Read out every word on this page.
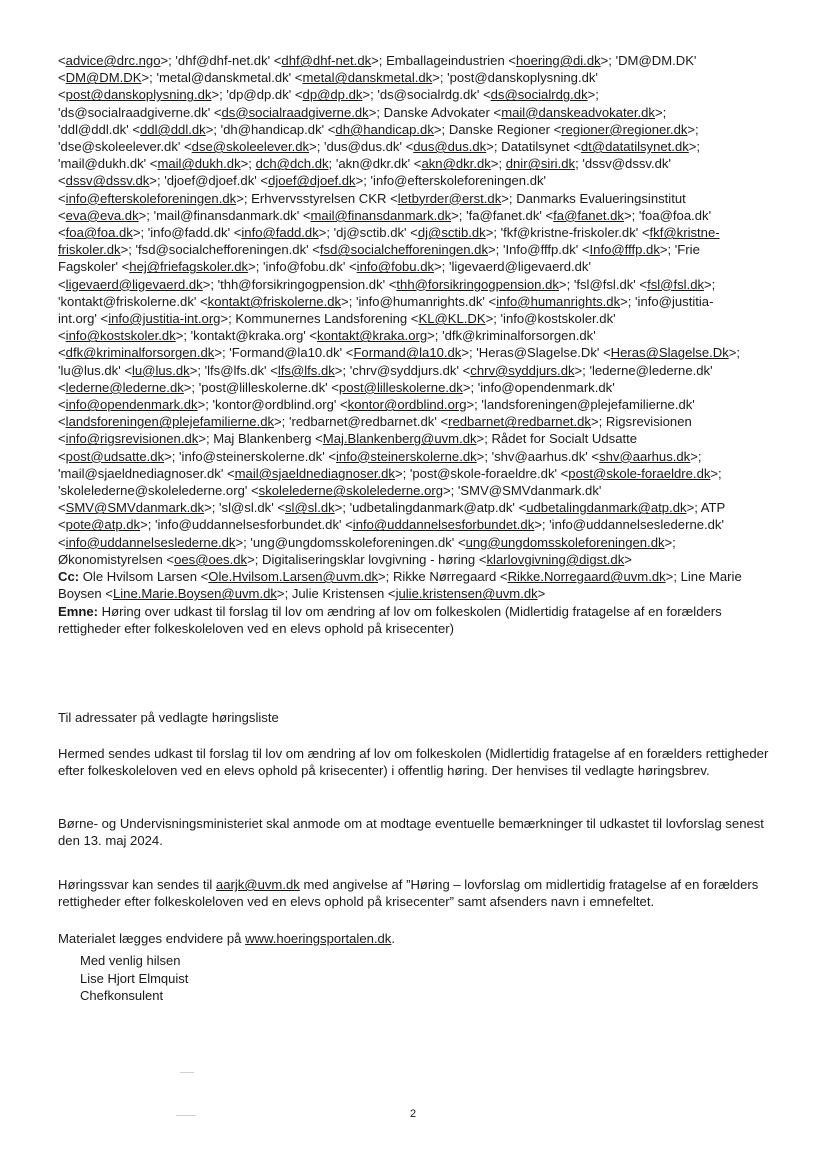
<advice@drc.ngo>; 'dhf@dhf-net.dk' <dhf@dhf-net.dk>; Emballageindustrien <hoering@di.dk>; 'DM@DM.DK'
<DM@DM.DK>; 'metal@danskmetal.dk' <metal@danskmetal.dk>; 'post@danskoplysning.dk'
<post@danskoplysning.dk>; 'dp@dp.dk' <dp@dp.dk>; 'ds@socialrdg.dk' <ds@socialrdg.dk>;
'ds@socialraadgiverne.dk' <ds@socialraadgiverne.dk>; Danske Advokater <mail@danskeadvokater.dk>;
'ddl@ddl.dk' <ddl@ddl.dk>; 'dh@handicap.dk' <dh@handicap.dk>; Danske Regioner <regioner@regioner.dk>;
'dse@skoleelever.dk' <dse@skoleelever.dk>; 'dus@dus.dk' <dus@dus.dk>; Datatilsynet <dt@datatilsynet.dk>;
'mail@dukh.dk' <mail@dukh.dk>; dch@dch.dk; 'akn@dkr.dk' <akn@dkr.dk>; dnir@siri.dk; 'dssv@dssv.dk'
<dssv@dssv.dk>; 'djoef@djoef.dk' <djoef@djoef.dk>; 'info@efterskoleforeningen.dk'
<info@efterskoleforeningen.dk>; Erhvervsstyrelsen CKR <letbyrder@erst.dk>; Danmarks Evalueringsinstitut
<eva@eva.dk>; 'mail@finansdanmark.dk' <mail@finansdanmark.dk>; 'fa@fanet.dk' <fa@fanet.dk>; 'foa@foa.dk'
<foa@foa.dk>; 'info@fadd.dk' <info@fadd.dk>; 'dj@sctib.dk' <dj@sctib.dk>; 'fkf@kristne-friskoler.dk' <fkf@kristne-
friskoler.dk>; 'fsd@socialchefforeningen.dk' <fsd@socialchefforeningen.dk>; 'Info@fffp.dk' <Info@fffp.dk>; 'Frie
Fagskoler' <hej@friefagskoler.dk>; 'info@fobu.dk' <info@fobu.dk>; 'ligevaerd@ligevaerd.dk'
<ligevaerd@ligevaerd.dk>; 'thh@forsikringogpension.dk' <thh@forsikringogpension.dk>; 'fsl@fsl.dk' <fsl@fsl.dk>;
'kontakt@friskolerne.dk' <kontakt@friskolerne.dk>; 'info@humanrights.dk' <info@humanrights.dk>; 'info@justitia-
int.org' <info@justitia-int.org>; Kommunernes Landsforening <KL@KL.DK>; 'info@kostskoler.dk'
<info@kostskoler.dk>; 'kontakt@kraka.org' <kontakt@kraka.org>; 'dfk@kriminalforsorgen.dk'
<dfk@kriminalforsorgen.dk>; 'Formand@la10.dk' <Formand@la10.dk>; 'Heras@Slagelse.Dk' <Heras@Slagelse.Dk>;
'lu@lus.dk' <lu@lus.dk>; 'lfs@lfs.dk' <lfs@lfs.dk>; 'chrv@syddjurs.dk' <chrv@syddjurs.dk>; 'lederne@lederne.dk'
<lederne@lederne.dk>; 'post@lilleskolerne.dk' <post@lilleskolerne.dk>; 'info@opendenmark.dk'
<info@opendenmark.dk>; 'kontor@ordblind.org' <kontor@ordblind.org>; 'landsforeningen@plejefamilierne.dk'
<landsforeningen@plejefamilierne.dk>; 'redbarnet@redbarnet.dk' <redbarnet@redbarnet.dk>; Rigsrevisionen
<info@rigsrevisionen.dk>; Maj Blankenberg <Maj.Blankenberg@uvm.dk>; Rådet for Socialt Udsatte
<post@udsatte.dk>; 'info@steinerskolerne.dk' <info@steinerskolerne.dk>; 'shv@aarhus.dk' <shv@aarhus.dk>;
'mail@sjaeldnediagnoser.dk' <mail@sjaeldnediagnoser.dk>; 'post@skole-foraeldre.dk' <post@skole-foraeldre.dk>;
'skolelederne@skolelederne.org' <skolelederne@skolelederne.org>; 'SMV@SMVdanmark.dk'
<SMV@SMVdanmark.dk>; 'sl@sl.dk' <sl@sl.dk>; 'udbetalingdanmark@atp.dk' <udbetalingdanmark@atp.dk>; ATP
<pote@atp.dk>; 'info@uddannelsesforbundet.dk' <info@uddannelsesforbundet.dk>; 'info@uddannelseslederne.dk'
<info@uddannelseslederne.dk>; 'ung@ungdomsskoleforeningen.dk' <ung@ungdomsskoleforeningen.dk>;
Økonomistyrelsen <oes@oes.dk>; Digitaliseringsklar lovgivning - høring <klarlovgivning@digst.dk>
Cc: Ole Hvilsom Larsen <Ole.Hvilsom.Larsen@uvm.dk>; Rikke Nørregaard <Rikke.Norregaard@uvm.dk>; Line Marie
Boysen <Line.Marie.Boysen@uvm.dk>; Julie Kristensen <julie.kristensen@uvm.dk>
Emne: Høring over udkast til forslag til lov om ændring af lov om folkeskolen (Midlertidig fratagelse af en forælders
rettigheder efter folkeskoleloven ved en elevs ophold på krisecenter)

Til adressater på vedlagte høringsliste

Hermed sendes udkast til forslag til lov om ændring af lov om folkeskolen (Midlertidig fratagelse af en forælders rettigheder efter folkeskoleloven ved en elevs ophold på krisecenter) i offentlig høring. Der henvises til vedlagte høringsbrev.

Børne- og Undervisningsministeriet skal anmode om at modtage eventuelle bemærkninger til udkastet til lovforslag senest den 13. maj 2024.

Høringssvar kan sendes til aarjk@uvm.dk med angivelse af ”Høring – lovforslag om midlertidig fratagelse af en forælders rettigheder efter folkeskoleloven ved en elevs ophold på krisecenter” samt afsenders navn i emnefeltet.

Materialet lægges endvidere på www.hoeringsportalen.dk.

Med venlig hilsen
Lise Hjort Elmquist
Chefkonsulent
2
